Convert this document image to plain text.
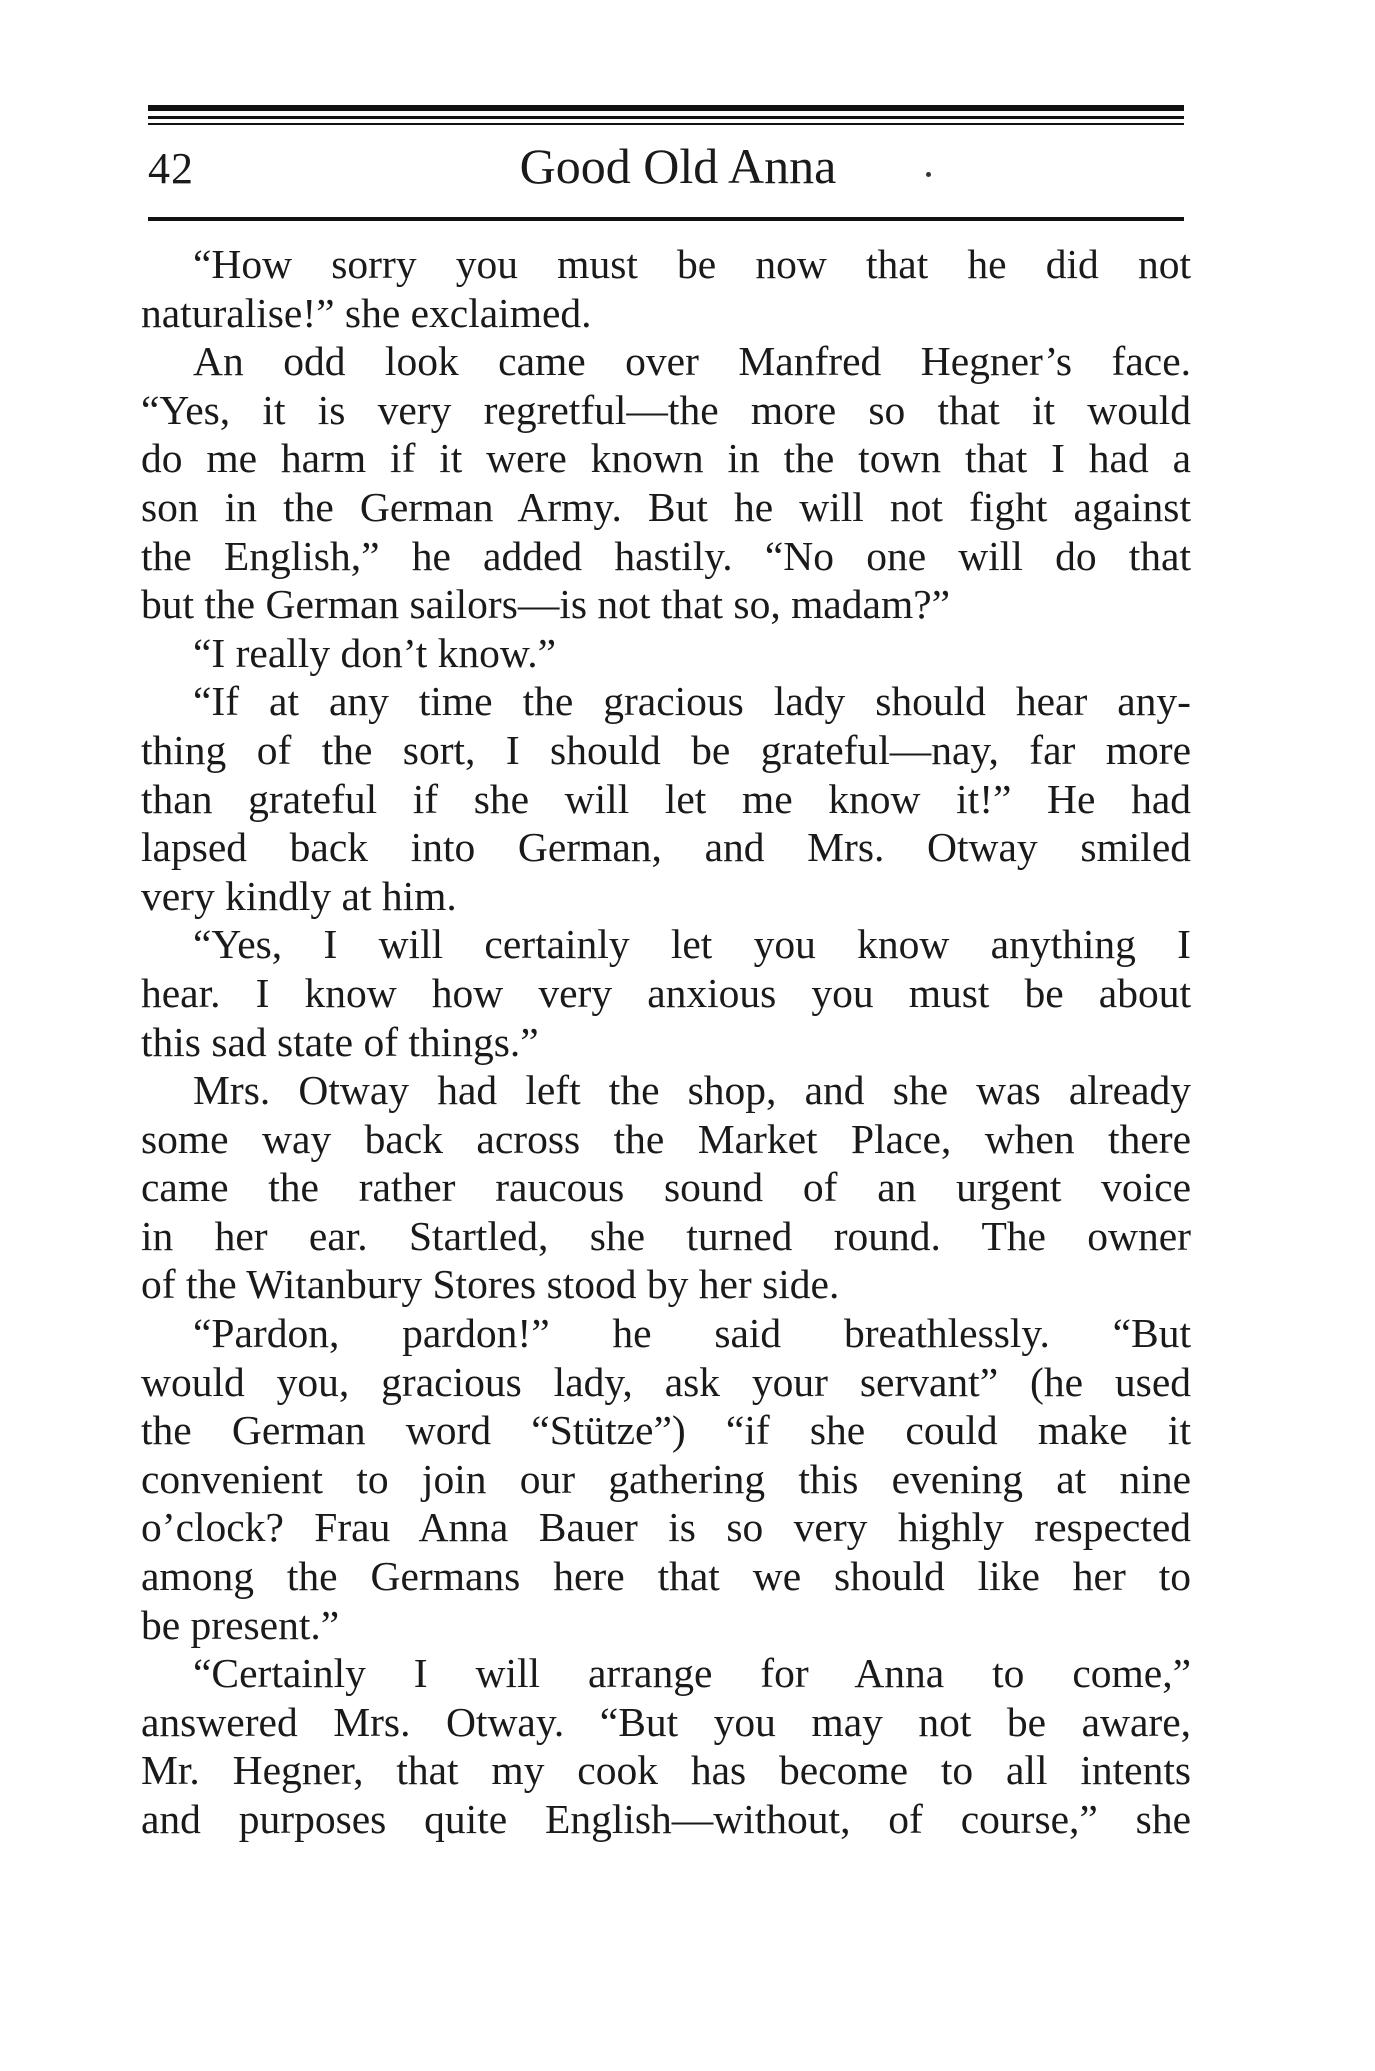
42	Good Old Anna
“How sorry you must be now that he did not
naturalise!” she exclaimed.
An odd look came over Manfred Hegner’s face.
“Yes, it is very regretful—the more so that it would
do me harm if it were known in the town that I had a
son in the German Army. But he will not fight against
the English,” he added hastily. “No one will do that
but the German sailors—is not that so, madam?”
“I really don’t know.”
“If at any time the gracious lady should hear any-
thing of the sort, I should be grateful—nay, far more
than grateful if she will let me know it!” He had
lapsed back into German, and Mrs. Otway smiled
very kindly at him.
“Yes, I will certainly let you know anything I
hear. I know how very anxious you must be about
this sad state of things.”
Mrs. Otway had left the shop, and she was already
some way back across the Market Place, when there
came the rather raucous sound of an urgent voice
in her ear. Startled, she turned round. The owner
of the Witanbury Stores stood by her side.
“Pardon, pardon!” he said breathlessly. “But
would you, gracious lady, ask your servant” (he used
the German word “Stütze”) “if she could make it
convenient to join our gathering this evening at nine
o’clock? Frau Anna Bauer is so very highly respected
among the Germans here that we should like her to
be present.”
“Certainly I will arrange for Anna to come,”
answered Mrs. Otway. “But you may not be aware,
Mr. Hegner, that my cook has become to all intents
and purposes quite English—without, of course,” she
